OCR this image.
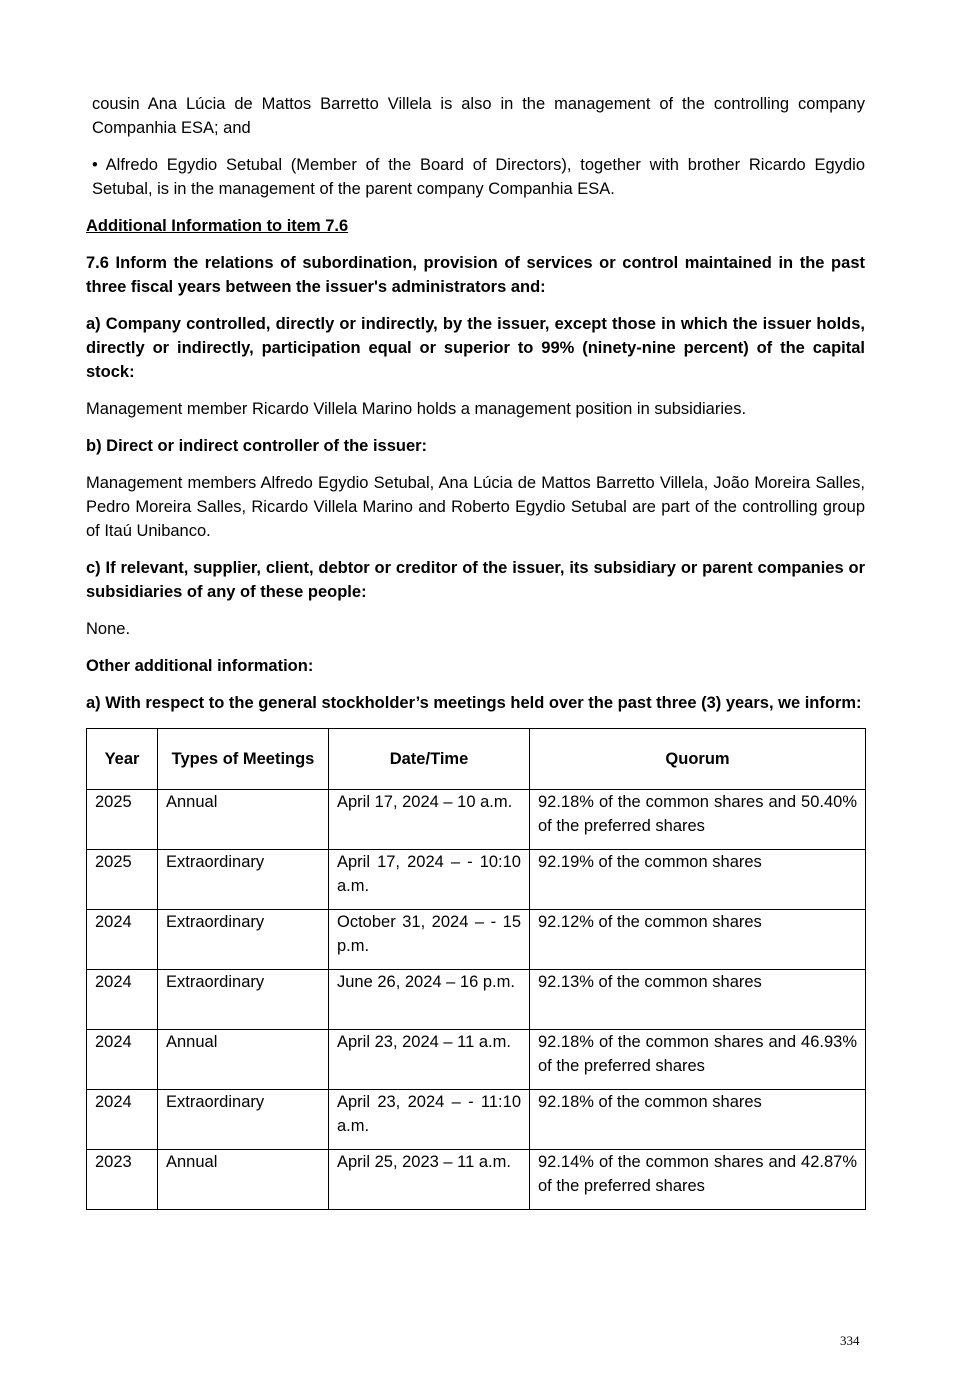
cousin Ana Lúcia de Mattos Barretto Villela is also in the management of the controlling company Companhia ESA; and

• Alfredo Egydio Setubal (Member of the Board of Directors), together with brother Ricardo Egydio Setubal, is in the management of the parent company Companhia ESA.

Additional Information to item 7.6

7.6 Inform the relations of subordination, provision of services or control maintained in the past three fiscal years between the issuer's administrators and:

a) Company controlled, directly or indirectly, by the issuer, except those in which the issuer holds, directly or indirectly, participation equal or superior to 99% (ninety-nine percent) of the capital stock:

Management member Ricardo Villela Marino holds a management position in subsidiaries.

b) Direct or indirect controller of the issuer:

Management members Alfredo Egydio Setubal, Ana Lúcia de Mattos Barretto Villela, João Moreira Salles, Pedro Moreira Salles, Ricardo Villela Marino and Roberto Egydio Setubal are part of the controlling group of Itaú Unibanco.

c) If relevant, supplier, client, debtor or creditor of the issuer, its subsidiary or parent companies or subsidiaries of any of these people:

None.

Other additional information:

a) With respect to the general stockholder’s meetings held over the past three (3) years, we inform:

Year	Types of Meetings	Date/Time	Quorum
2025	Annual	April 17, 2024 – 10 a.m.	92.18% of the common shares and 50.40% of the preferred shares
2025	Extraordinary	April 17, 2024 – - 10:10 a.m.	92.19% of the common shares
2024	Extraordinary	October 31, 2024 – - 15 p.m.	92.12% of the common shares
2024	Extraordinary	June 26, 2024 – 16 p.m.	92.13% of the common shares
2024	Annual	April 23, 2024 – 11 a.m.	92.18% of the common shares and 46.93% of the preferred shares
2024	Extraordinary	April 23, 2024 – - 11:10 a.m.	92.18% of the common shares
2023	Annual	April 25, 2023 – 11 a.m.	92.14% of the common shares and 42.87% of the preferred shares
334
